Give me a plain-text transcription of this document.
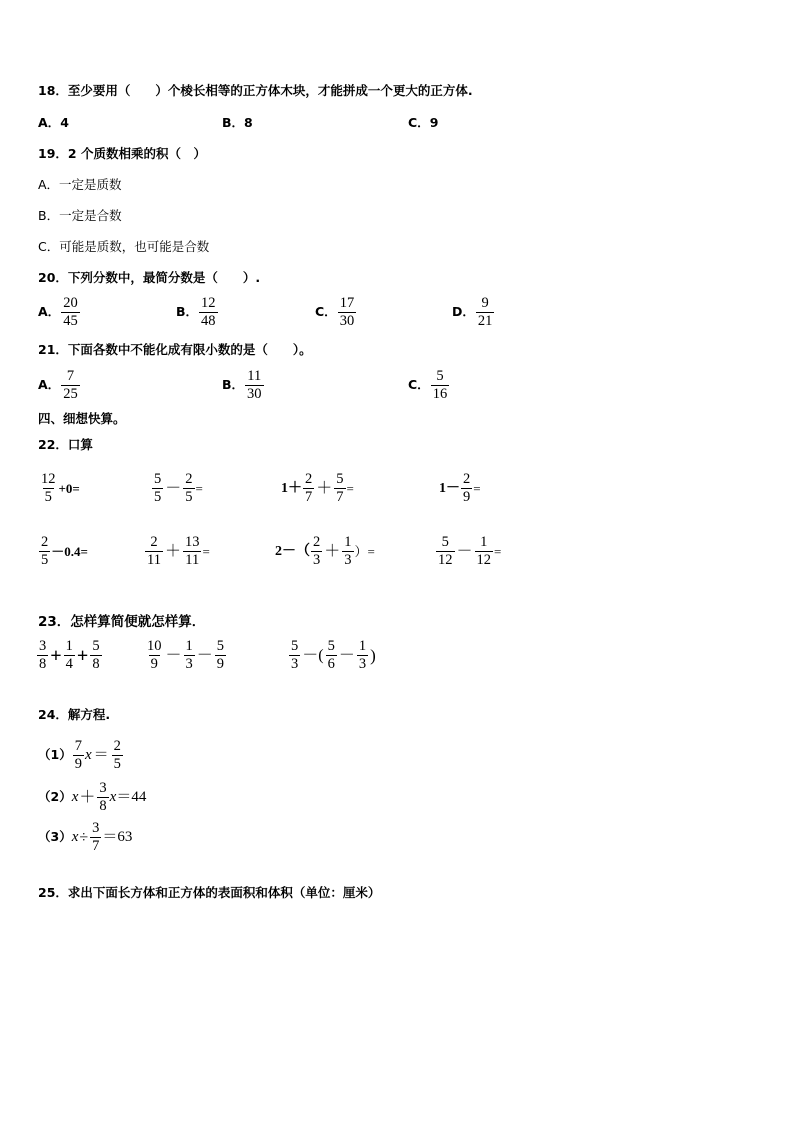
18．至少要用（　　）个棱长相等的正方体木块，才能拼成一个更大的正方体.
A．4	B．8	C．9
19．2 个质数相乘的积（　）
A．一定是质数
B．一定是合数
C．可能是质数，也可能是合数
20．下列分数中，最简分数是（　　）.
A． $\frac{20}{45}$	B． $\frac{12}{48}$	C． $\frac{17}{30}$	D． $\frac{9}{21}$
21．下面各数中不能化成有限小数的是（　　）。
A． $\frac{7}{25}$	B． $\frac{11}{30}$	C． $\frac{5}{16}$
四、细想快算。
22．口算
$\frac{12}{5} +0=$	$\frac{5}{5} - \frac{2}{5}$ =	$1+ \frac{2}{7} + \frac{5}{7}$ =	$1- \frac{2}{9}$ =
$\frac{2}{5} -0.4=$	$\frac{2}{11} + \frac{13}{11}$ =	$2-( \frac{2}{3} + \frac{1}{3}$ ）=	$\frac{5}{12} - \frac{1}{12}$ =
23．怎样算简便就怎样算．
$\frac{3}{8} + \frac{1}{4} + \frac{5}{8}$	$\frac{10}{9} - \frac{1}{3} - \frac{5}{9}$	$\frac{5}{3}$ －( $\frac{5}{6} - \frac{1}{3}$ )
24．解方程.
$(1) \frac{7}{9}$ $x = \frac{2}{5}$
（2） $x + \frac{3}{8}$ x ＝44
（3） $x \div \frac{3}{7} =63$
25．求出下面长方体和正方体的表面积和体积（单位：厘米）
